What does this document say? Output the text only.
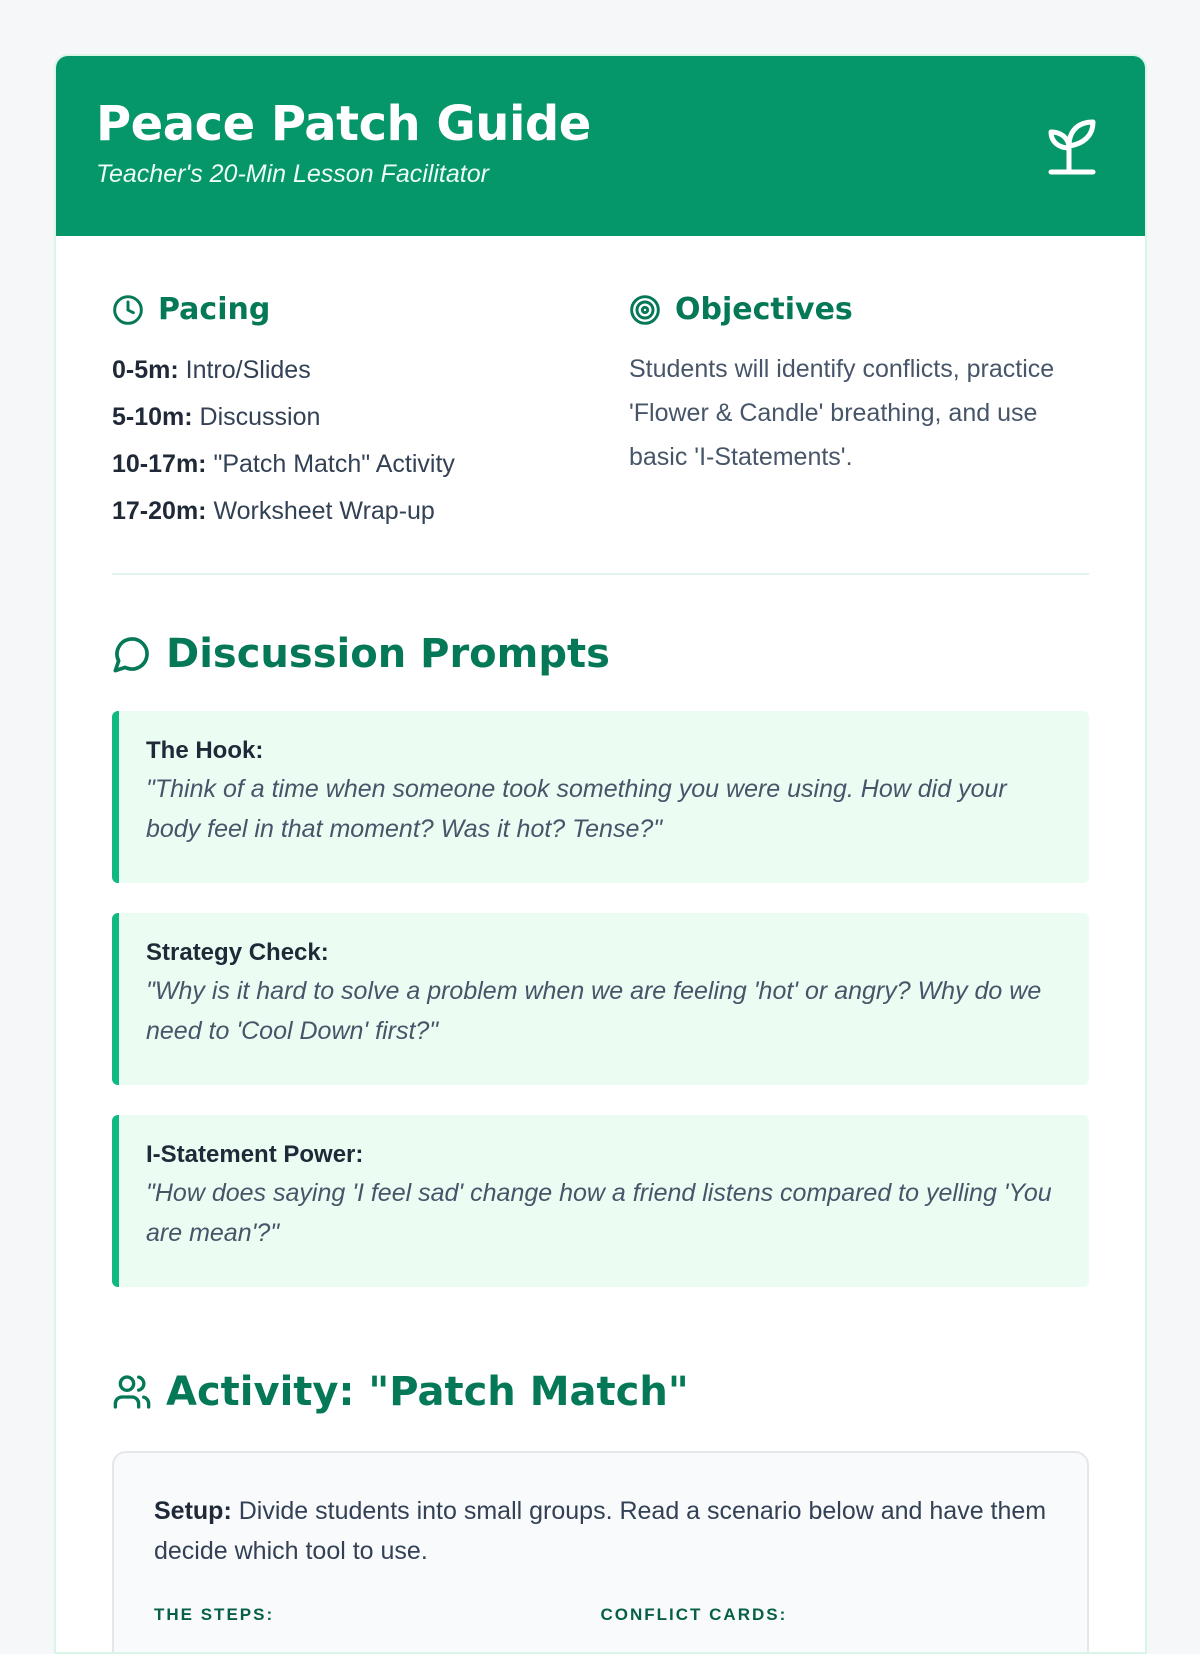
Peace Patch Guide
Teacher's 20-Min Lesson Facilitator
Pacing
0-5m: Intro/Slides
5-10m: Discussion
10-17m: "Patch Match" Activity
17-20m: Worksheet Wrap-up
Objectives

Students will identify conflicts, practice 'Flower & Candle' breathing, and use basic 'I-Statements'.

Discussion Prompts
The Hook:
"Think of a time when someone took something you were using. How did your body feel in that moment? Was it hot? Tense?"
Strategy Check:
"Why is it hard to solve a problem when we are feeling 'hot' or angry? Why do we need to 'Cool Down' first?"
I-Statement Power:
"How does saying 'I feel sad' change how a friend listens compared to yelling 'You are mean'?"
Activity: "Patch Match"

Setup: Divide students into small groups. Read a scenario below and have them decide which tool to use.

THE STEPS:	CONFLICT CARDS:
